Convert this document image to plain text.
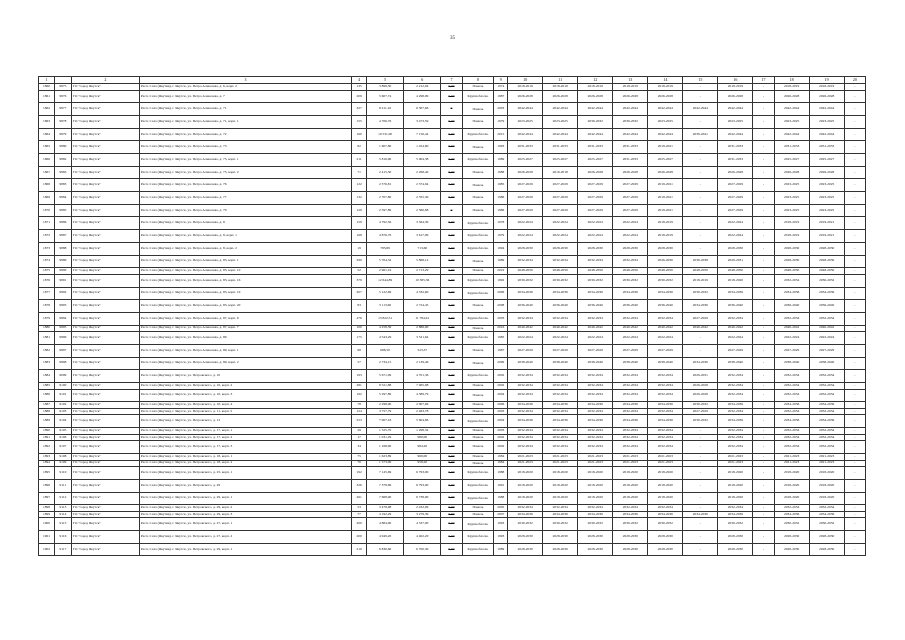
35
1		2	3	4	5	6	7	8	9	10	11	12	13	14	15	16	17	18	19	20
1860	9875	ГО "город Якутск"	Респ. Саха (Якутия), г. Якутск, ул. Петра Алексеева, д. 6, корп. 2	135	3 899,30	2 212,94	0,00	Панель	1974	2018-2019	2018-2019	2018-2019	2018-2019	2018-2019	-	2018-2019	-	2018-2019	2018-2019	-
1861	9876	ГО "город Якутск"	Респ. Саха (Якутия), г. Якутск, ул. Петра Алексеева, д. 7	209	5 607,74	4 298,99	0,00	Крупноблочн.	1987	2026-2028	2026-2028	2026-2028	2026-2028	2026-2028	-	2026-2028	-	2026-2028	2026-2028	-
1862	9877	ГО "город Якутск"	Респ. Саха (Якутия), г. Якутск, ул. Петра Алексеева, д. 71	327	8 211,16	6 307,66	0	Панель	2003	2042-2044	2042-2044	2042-2044	2042-2044	2042-2044	2042-2044	2042-2044	-	2042-2044	2042-2044	-
1863	9878	ГО "город Якутск"	Респ. Саха (Якутия), г. Якутск, ул. Петра Алексеева, д. 71, корп. 1	155	4 706,76	3 473,59	0,00	Панель	1979	2023-2025	2023-2025	2030-2032	2030-2032	2023-2025	-	2023-2025	-	2023-2025	2023-2025	-
1864	9879	ГО "город Якутск"	Респ. Саха (Якутия), г. Якутск, ул. Петра Алексеева, д. 72	160	10 531,00	7 156,44	0,00	Крупноблочн.	2015	2042-2044	2042-2044	2042-2044	2042-2044	2042-2044	2039-2041	2042-2044	-	2042-2044	2042-2044	-
1865	9880	ГО "город Якутск"	Респ. Саха (Якутия), г. Якутск, ул. Петра Алексеева, д. 73	82	1 607,80	1 454,60	0,00	Панель	1993	2031-2033	2031-2033	2031-2033	2031-2033	2019-2021	-	2031-2033	-	2031-2033	2031-2033	-
1866	9882	ГО "город Якутск"	Респ. Саха (Якутия), г. Якутск, ул. Петра Алексеева, д. 75, корп. 1	211	5 816,90	5 004,38	0,00	Крупноблочн.	1989	2025-2027	2025-2027	2025-2027	2031-2033	2025-2027	-	2031-2033	-	2025-2027	2025-2027	-
1867	9883	ГО "город Якутск"	Респ. Саха (Якутия), г. Якутск, ул. Петра Алексеева, д. 75, корп. 2	71	2 415,50	2 268,40	0,00	Панель	1988	2026-2028	2016-2018	2026-2028	2026-2028	2026-2028	-	2026-2028	-	2026-2028	2026-2028	-
1868	9883	ГО "город Якутск"	Респ. Саха (Якутия), г. Якутск, ул. Петра Алексеева, д. 76	122	2 576,81	2 374,94	0,00	Панель	1985	2027-2029	2027-2029	2027-2029	2027-2029	2019-2021	-	2027-2029	-	2023-2025	2023-2025	-
1869	9884	ГО "город Якутск"	Респ. Саха (Якутия), г. Якутск, ул. Петра Алексеева, д. 77	132	2 707,80	2 355,30	0,00	Панель	1986	2027-2029	2027-2029	2027-2029	2027-2029	2019-2021	-	2027-2029	-	2023-2025	2023-2025	-
1870	9885	ГО "город Якутск"	Респ. Саха (Якутия), г. Якутск, ул. Петра Алексеева, д. 79	129	2 597,89	2 360,68	0	Панель	1986	2027-2029	2027-2029	2027-2029	2027-2029	2019-2021	-	2027-2029	-	2023-2025	2023-2025	-
1871	9886	ГО "город Якутск"	Респ. Саха (Якутия), г. Якутск, ул. Петра Алексеева, д. 8	159	4 792,56	3 564,30	0,00	Крупноблочн.	1978	2022-2024	2022-2024	2022-2024	2022-2024	2018-2019	-	2022-2024	-	2018-2019	2019-2021	-
1872	9887	ГО "город Якутск"	Респ. Саха (Якутия), г. Якутск, ул. Петра Алексеева, д. 8, корп. 1	168	4 876,76	3 617,99	0,00	Крупноблочн.	1979	2022-2024	2022-2024	2022-2024	2022-2024	2018-2019	-	2022-2024	-	2018-2019	2019-2021	-
1873	9888	ГО "город Якутск"	Респ. Саха (Якутия), г. Якутск, ул. Петра Алексеева, д. 8, корп. 2	19	783,89	713,60	0,00	Крупноблочн.	1994	2028-2030	2028-2030	2028-2030	2028-2030	2028-2030	-	2028-2030	-	2028-2030	2028-2030	-
1874	9889	ГО "город Якутск"	Респ. Саха (Якутия), г. Якутск, ул. Петра Алексеева, д. 83, корп. 1	290	5 704,32	5 868,12	0,00	Панель	1989	2032-2034	2032-2034	2032-2034	2032-2034	2026-2030	2036-2038	2029-2031	-	2028-2030	2028-2030	-
1875	9890	ГО "город Якутск"	Респ. Саха (Якутия), г. Якутск, ул. Петра Алексеева, д. 83, корп. 10	52	2 961,19	2 713,29	0,00	Панель	2019	2048-2050	2048-2050	2048-2050	2048-2050	2048-2050	2048-2050	2048-2050	-	2048-2050	2048-2050	-
1876	9891	ГО "город Якутск"	Респ. Саха (Якутия), г. Якутск, ул. Петра Алексеева, д. 83, корп. 16	379	12 644,89	10 385,36	0,00	Крупноблочн.	1992	2030-2032	2030-2032	2030-2032	2030-2032	2030-2032	2018-2019	2018-2020	-	2032-2034	2030-2032	-
1877	9892	ГО "город Якутск"	Респ. Саха (Якутия), г. Якутск, ул. Петра Алексеева, д. 83, корп. 19	207	5 122,69	4 332,60	0,00	Крупноблочн.	2006	2034-2036	2034-2036	2034-2036	2034-2036	2034-2036	2030-2032	2034-2036	-	2034-2036	2034-2036	-
1878	9893	ГО "город Якутск"	Респ. Саха (Якутия), г. Якутск, ул. Петра Алексеева, д. 83, корп. 20	83	3 113,60	2 724,45	0,00	Панель	2008	2036-2040	2036-2040	2036-2040	2036-2040	2036-2040	2034-2036	2036-2040	-	2036-2040	2036-2040	-
1879	9894	ГО "город Якутск"	Респ. Саха (Якутия), г. Якутск, ул. Петра Алексеева, д. 87, корп. 8	476	13 822,51	11 784,61	0,00	Крупноблочн.	2003	2032-2034	2032-2034	2032-2034	2032-2034	2032-2034	2027-2029	2032-2034	-	2032-2034	2032-2034	-
1880	9895	ГО "город Якутск"	Респ. Саха (Якутия), г. Якутск, ул. Петра Алексеева, д. 87, корп. 7	100	4 258,39	2 886,90	0,00	Панель	2016	2040-2042	2040-2042	2040-2042	2040-2042	2040-2042	2040-2042	2040-2042	-	2040-2042	2040-2042	-
1881	9896	ГО "город Якутск"	Респ. Саха (Якутия), г. Якутск, ул. Петра Алексеева, д. 89	175	4 543,29	3 521,64	0,00	Крупноблочн.	1985	2022-2024	2022-2024	2022-2024	2022-2024	2022-2024	-	2022-2024	-	2022-2024	2022-2024	-
1882	9897	ГО "город Якутск"	Респ. Саха (Якутия), г. Якутск, ул. Петра Алексеева, д. 89, корп. 1	68	688,50	523,37	0,00	Панель	1987	2027-2029	2027-2029	2027-2029	2027-2029	2027-2029	-	2027-2029	-	2027-2029	2027-2029	-
1883	9898	ГО "город Якутск"	Респ. Саха (Якутия), г. Якутск, ул. Петра Алексеева, д. 89, корп. 2	57	2 734,15	2 139,49	0,00	Панель	2009	2038-2040	2038-2040	2038-2040	2038-2040	2038-2040	2034-2036	2038-2040	-	2038-2040	2038-2040	-
1884	9099	ГО "город Якутск"	Респ. Саха (Якутия), г. Якутск, ул. Петровского, д. 10	193	5 671,09	4 701,36	0,00	Крупноблочн.	2002	2032-2034	2032-2034	2032-2034	2032-2034	2032-2034	2029-2031	2032-2034	-	2032-2034	2032-2034	-
1885	9100	ГО "город Якутск"	Респ. Саха (Якутия), г. Якутск, ул. Петровского, д. 10, корп. 2	281	8 521,88	7 065,98	0,00	Панель	2002	2032-2034	2032-2034	2032-2034	2032-2034	2032-2034	2026-2028	2032-2034	-	2032-2034	2032-2034	-
1886	9101	ГО "город Якутск"	Респ. Саха (Якутия), г. Якутск, ул. Петровского, д. 10, корп. 3	192	5 297,89	4 389,79	0,00	Панель	2004	2032-2034	2032-2034	2032-2034	2032-2034	2032-2034	2026-2028	2032-2034	-	2032-2034	2032-2034	-
1887	9102	ГО "город Якутск"	Респ. Саха (Якутия), г. Якутск, ул. Петровского, д. 10, корп. 4	78	2 298,00	2 007,69	0,00	Панель	2006	2034-2036	2034-2036	2034-2036	2034-2036	2034-2036	2030-2032	2034-2036	-	2034-2036	2034-2036	-
1888	9103	ГО "город Якутск"	Респ. Саха (Якутия), г. Якутск, ул. Петровского, д. 11, корп. 5	124	3 757,79	2 463,78	0,00	Панель	2003	2032-2034	2032-2034	2032-2034	2032-2034	2032-2034	2027-2029	2032-2034	-	2032-2034	2032-2034	-
1889	9104	ГО "город Якутск"	Респ. Саха (Якутия), г. Якутск, ул. Петровского, д. 12	253	7 007,18	5 604,86	0,00	Крупноблочн.	2004	2034-2036	2034-2036	2034-2036	2034-2036	2034-2036	2030-2032	2034-2036	-	2034-2036	2034-2036	-
1890	9105	ГО "город Якутск"	Респ. Саха (Якутия), г. Якутск, ул. Петровского, д. 17, корп. 1	29	1 525,70	1 298,34	0,00	Панель	2003	2032-2034	2032-2034	2032-2034	2032-2034	2032-2034	-	2032-2034	-	2032-2034	2032-2034	-
1891	9106	ГО "город Якутск"	Респ. Саха (Якутия), г. Якутск, ул. Петровского, д. 17, корп. 2	17	1 031,29	980,00	0,00	Панель	2002	2032-2034	2032-2034	2032-2034	2032-2034	2032-2034	-	2032-2034	-	2032-2034	2032-2034	-
1892	9107	ГО "город Якутск"	Респ. Саха (Якутия), г. Якутск, ул. Петровского, д. 17, корп. 3	34	1 168,00	984,20	0,00	Панель	2002	2032-2034	2032-2034	2032-2034	2032-2034	2032-2034	-	2032-2034	-	2032-2034	2032-2034	-
1893	9108	ГО "город Якутск"	Респ. Саха (Якутия), г. Якутск, ул. Петровского, д. 18, корп. 1	75	1 623,89	969,00	0,00	Панель	1984	2021-2023	2021-2023	2021-2023	2021-2023	2021-2023	-	2021-2023	-	2021-2023	2021-2023	-
1894	9109	ГО "город Якутск"	Респ. Саха (Якутия), г. Якутск, ул. Петровского, д. 18, корп. 2	76	1 573,00	958,20	0,00	Панель	1984	2021-2023	2021-2023	2021-2023	2021-2023	2021-2023	-	2021-2023	-	2021-2023	2021-2023	-
1895	9110	ГО "город Якутск"	Респ. Саха (Якутия), г. Якутск, ул. Петровского, д. 25, корп. 1	192	7 145,69	6 793,90	0,00	Крупноблочн.	1988	2018-2020	2018-2020	2018-2020	2018-2020	2018-2020	-	2018-2020	-	2018-2020	2018-2020	-
1896	9111	ГО "город Якутск"	Респ. Саха (Якутия), г. Якутск, ул. Петровского, д. 29	326	7 378,69	6 793,90	0,00	Крупноблочн.	1991	2018-2020	2018-2020	2018-2020	2018-2020	2018-2020	-	2018-2020	-	2018-2020	2018-2020	-
1897	9112	ГО "город Якутск"	Респ. Саха (Якутия), г. Якутск, ул. Петровского, д. 29, корп. 1	261	7 668,00	6 738,90	0,00	Крупноблочн.	1988	2018-2020	2018-2020	2018-2020	2018-2020	2018-2020	-	2018-2020	-	2018-2020	2018-2020	-
1898	9113	ГО "город Якутск"	Респ. Саха (Якутия), г. Якутск, ул. Петровского, д. 29, корп. 2	53	3 478,98	2 432,09	0,00	Панель	2005	2032-2034	2032-2034	2032-2034	2032-2034	2032-2034	-	2032-2034	-	2032-2034	2032-2034	-
1899	9114	ГО "город Якутск"	Респ. Саха (Якутия), г. Якутск, ул. Петровского, д. 29, корп. 3	77	4 192,29	3 279,39	0,00	Панель	2007	2034-2036	2034-2036	2034-2036	2034-2036	2034-2036	2034-2036	2034-2036	-	2034-2036	2034-2036	-
1900	9115	ГО "город Якутск"	Респ. Саха (Якутия), г. Якутск, ул. Петровского, д. 27, корп. 1	200	4 884,00	4 337,00	0,00	Крупноблочн.	1993	2030-2032	2030-2032	2030-2032	2030-2032	2030-2032	-	2030-2032	-	2030-2032	2030-2032	-
1901	9116	ГО "город Якутск"	Респ. Саха (Якутия), г. Якутск, ул. Петровского, д. 27, корп. 2	200	4 949,20	4 402,20	0,00	Крупноблочн.	1993	2028-2030	2028-2030	2028-2030	2028-2030	2028-2030	-	2028-2030	-	2028-2030	2028-2030	-
1902	9117	ГО "город Якутск"	Респ. Саха (Якутия), г. Якутск, ул. Петровского, д. 29, корп. 1	219	6 836,60	6 700,30	0,00	Крупноблочн.	1989	2028-2030	2028-2030	2028-2030	2028-2030	2028-2030	-	2028-2030	-	2028-2030	2028-2030	-
